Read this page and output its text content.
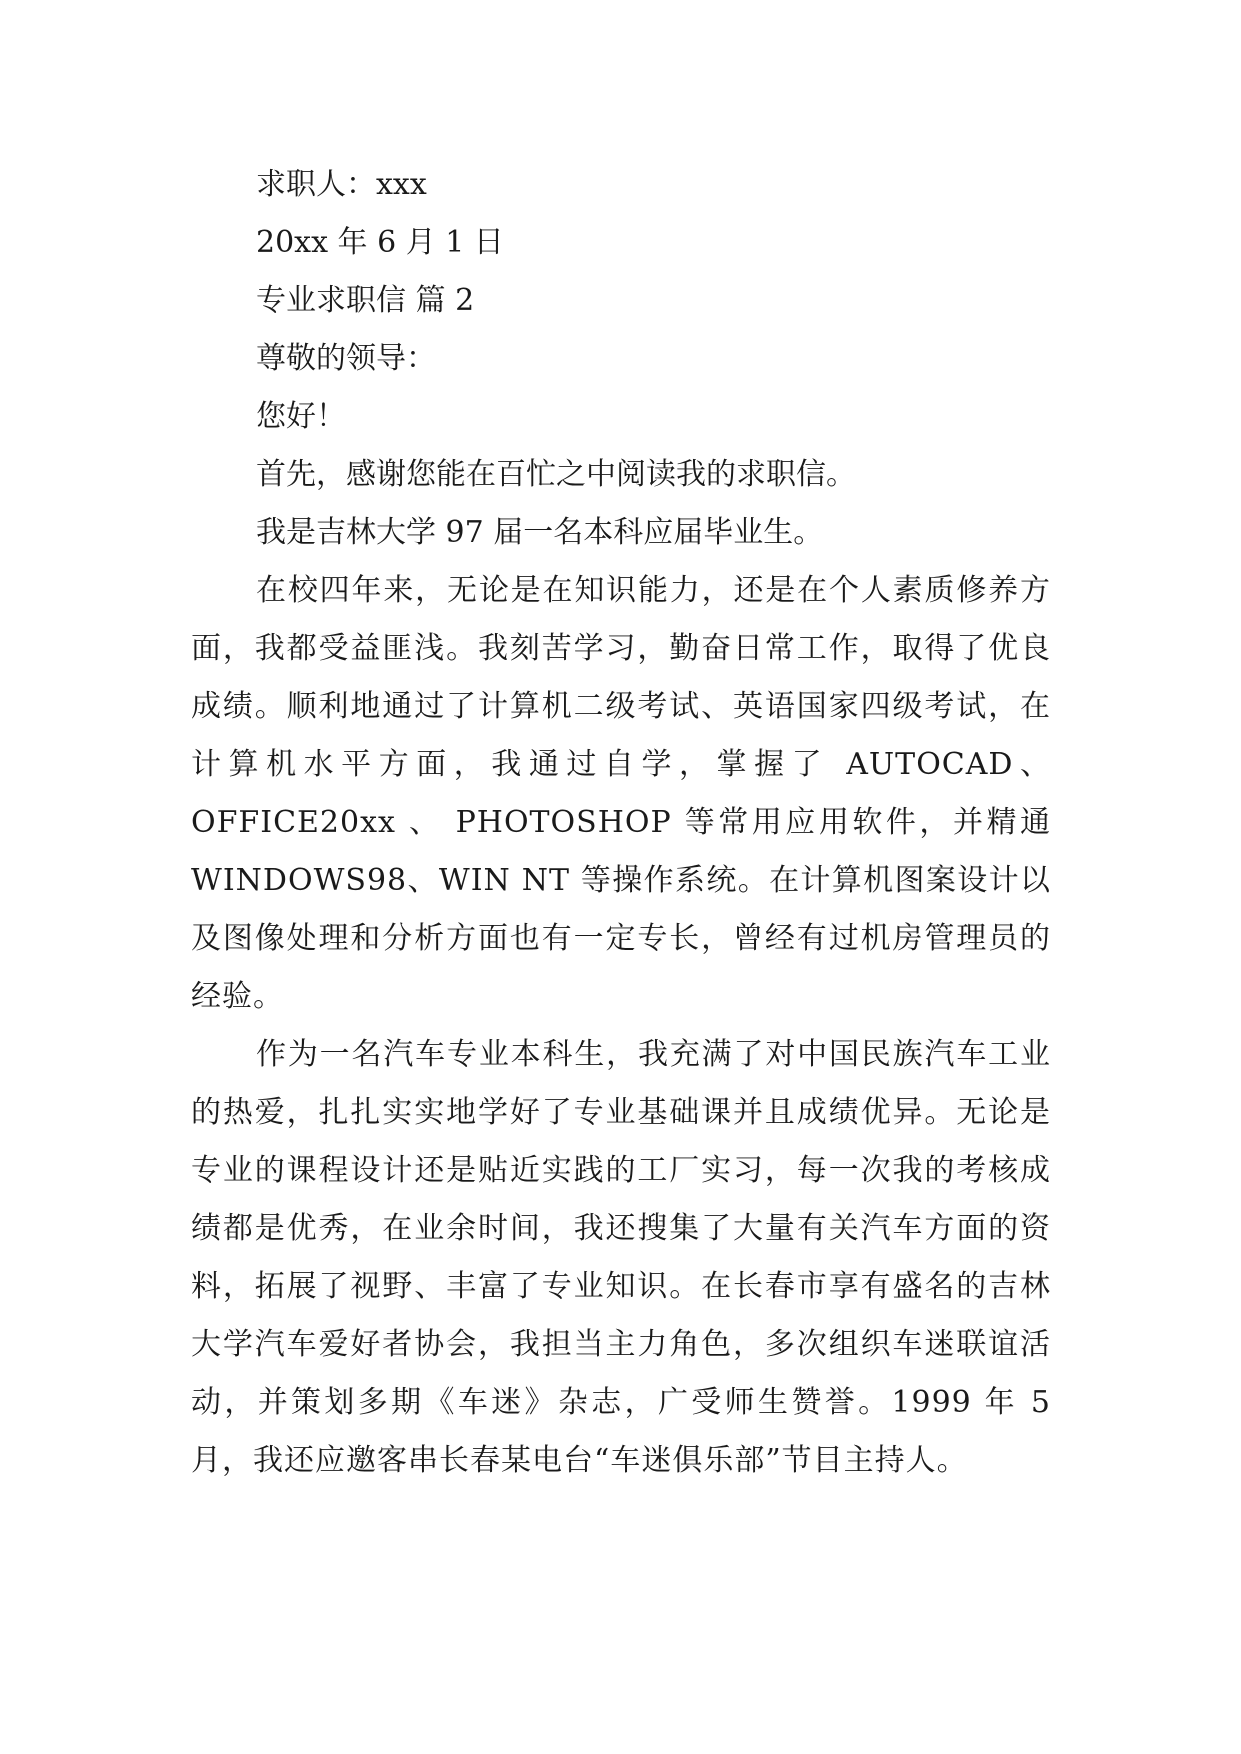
求职人：xxx

20xx 年 6 月 1 日

专业求职信 篇 2

尊敬的领导：

您好！

首先，感谢您能在百忙之中阅读我的求职信。

我是吉林大学 97 届一名本科应届毕业生。

在校四年来，无论是在知识能力，还是在个人素质修养方面，我都受益匪浅。我刻苦学习，勤奋日常工作，取得了优良成绩。顺利地通过了计算机二级考试、英语国家四级考试，在计算机水平方面，我通过自学，掌握了 AUTOCAD、OFFICE20xx 、 PHOTOSHOP 等常用应用软件，并精通 WINDOWS98、WIN NT 等操作系统。在计算机图案设计以及图像处理和分析方面也有一定专长，曾经有过机房管理员的经验。

作为一名汽车专业本科生，我充满了对中国民族汽车工业的热爱，扎扎实实地学好了专业基础课并且成绩优异。无论是专业的课程设计还是贴近实践的工厂实习，每一次我的考核成绩都是优秀，在业余时间，我还搜集了大量有关汽车方面的资料，拓展了视野、丰富了专业知识。在长春市享有盛名的吉林大学汽车爱好者协会，我担当主力角色，多次组织车迷联谊活动，并策划多期《车迷》杂志，广受师生赞誉。1999 年 5 月，我还应邀客串长春某电台“车迷俱乐部”节目主持人。
